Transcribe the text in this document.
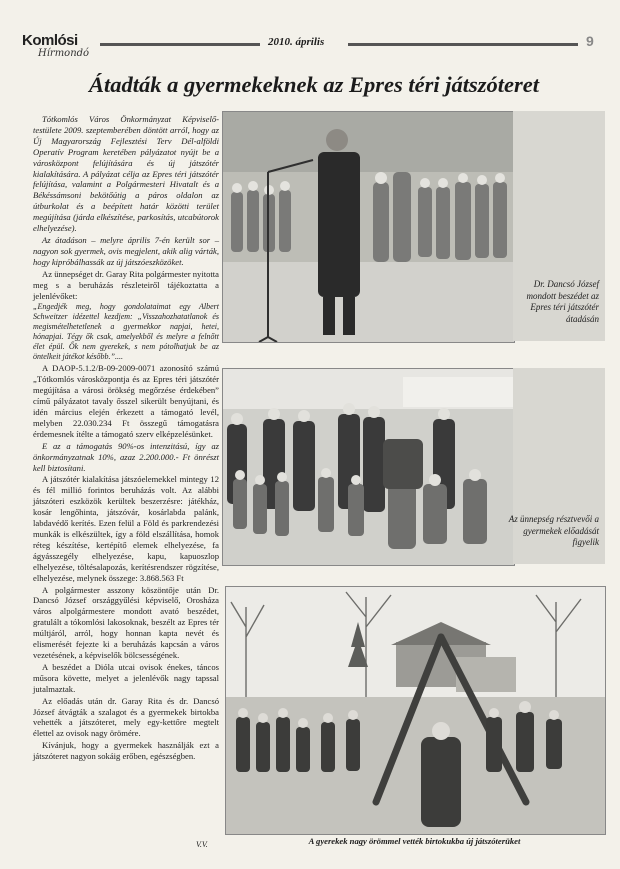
Komlósi
Hírmondó
2010. április	9
Átadták a gyermekeknek az Epres téri játszóteret

Tótkomlós Város Önkormányzat Képviselő-testülete 2009. szeptemberében döntött arról, hogy az Új Magyarország Fejlesztési Terv Dél-alföldi Operatív Program keretében pályázatot nyújt be a városközpont felújítására és új játszótér kialakítására. A pályázat célja az Epres téri játszótér felújítása, valamint a Polgármesteri Hivatalt és a Békéssámsoni bekötőútig a páros oldalon az útburkolat és a beépített határ közötti terület megújítása (járda elkészítése, parkosítás, utcabútorok elhelyezése).

Az átadáson – melyre április 7-én került sor – nagyon sok gyermek, ovis megjelent, akik alig várták, hogy kipróbálhassák az új játszóeszközöket.

Az ünnepséget dr. Garay Rita polgármester nyitotta meg s a beruházás részleteiről tájékoztatta a jelenlévőket:

„Engedjék meg, hogy gondolataimat egy Albert Schweitzer idézettel kezdjem: „Visszahozhatatlanok és megismételhetetlenek a gyermekkor napjai, hetei, hónapjai. Tégy ők csak, amelyekből és melyre a felnőtt élet épül. Ők nem gyerekek, s nem pótolhatjuk be az öntelkeit játékot később.”....

A DAOP-5.1.2/B-09-2009-0071 azonosító számú „Tótkomlós városközpontja és az Epres téri játszótér megújítása a városi örökség megőrzése érdekében” című pályázatot tavaly ősszel sikerült benyújtani, és idén március elején érkezett a támogató levél, melyben 22.030.234 Ft összegű támogatásra érdemesnek ítélte a támogató szerv elképzelésünket.

E az a támogatás 90%-os intenzitású, így az önkormányzatnak 10%, azaz 2.200.000.- Ft önrészt kell biztosítani.

A játszótér kialakítása játszóelemekkel mintegy 12 és fél millió forintos beruházás volt. Az alábbi játszóteri eszközök kerültek beszerzésre: játékház, kosár lengőhinta, játszóvár, kosárlabda palánk, labdavédő kerítés. Ezen felül a Föld és parkrendezési munkák is elkészültek, így a föld elszállítása, homok réteg készítése, kertépítő elemek elhelyezése, fa ágyásszegély elhelyezése, kapu, kapuoszlop elhelyezése, töltésalapozás, kerítésrendszer rögzítése, elhelyezése, melynek összege: 3.868.563 Ft

A polgármester asszony köszöntője után Dr. Dancsó József országgyűlési képviselő, Orosháza város alpolgármestere mondott avató beszédet, gratulált a tókomlósi lakosoknak, beszélt az Epres tér múltjáról, arról, hogy honnan kapta nevét és elismerését fejezte ki a beruházás kapcsán a város vezetésének, a képviselők bölcsességének.

A beszédet a Dióla utcai ovisok énekes, táncos műsora követte, melyet a jelenlévők nagy tapssal jutalmaztak.

Az előadás után dr. Garay Rita és dr. Dancsó József átvágták a szalagot és a gyermekek birtokba vehették a játszóteret, mely egy-kettőre megtelt élettel az ovisok nagy örömére.

Kívánjuk, hogy a gyermekek használják ezt a játszóteret nagyon sokáig erőben, egészségben.

V.V.
Dr. Dancsó József mondott beszédet az Epres téri játszótér átadásán
Az ünnepség résztvevői a gyermekek előadását figyelik
A gyerekek nagy örömmel vették birtokukba új játszóterüket
